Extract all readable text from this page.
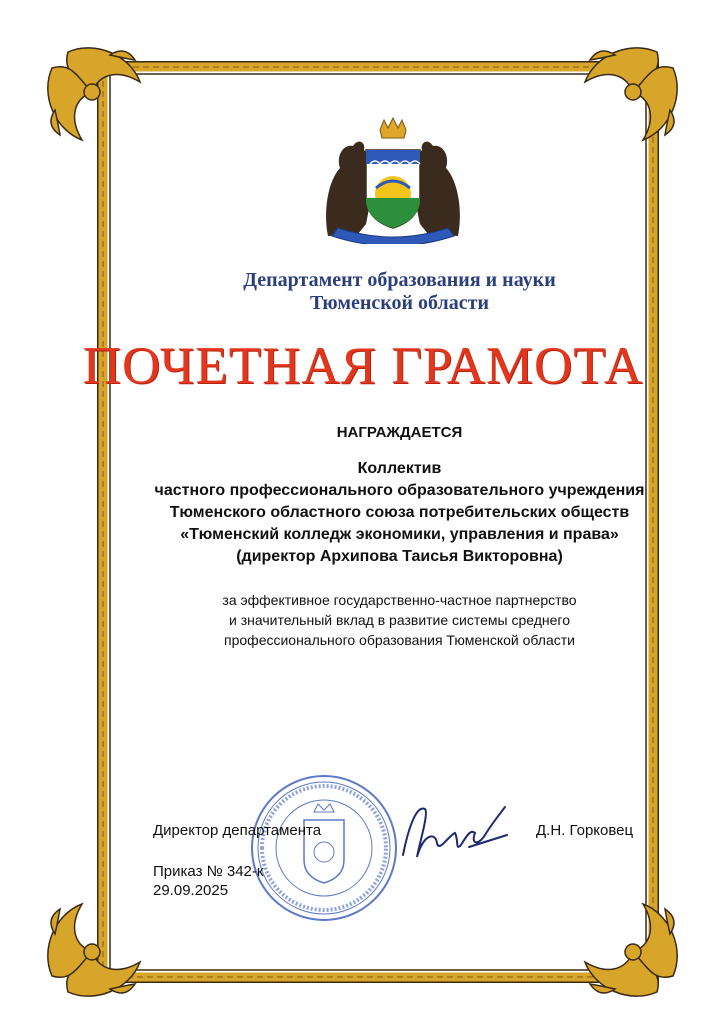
Департамент образования и науки
Тюменской области
ПОЧЕТНАЯ ГРАМОТА
НАГРАЖДАЕТСЯ
Коллектив
частного профессионального образовательного учреждения
Тюменского областного союза потребительских обществ
«Тюменский колледж экономики, управления и права»
(директор Архипова Таисья Викторовна)
за эффективное государственно-частное партнерство
и значительный вклад в развитие системы среднего
профессионального образования Тюменской области
Директор департамента	Д.Н. Горковец
Приказ № 342-к
29.09.2025
